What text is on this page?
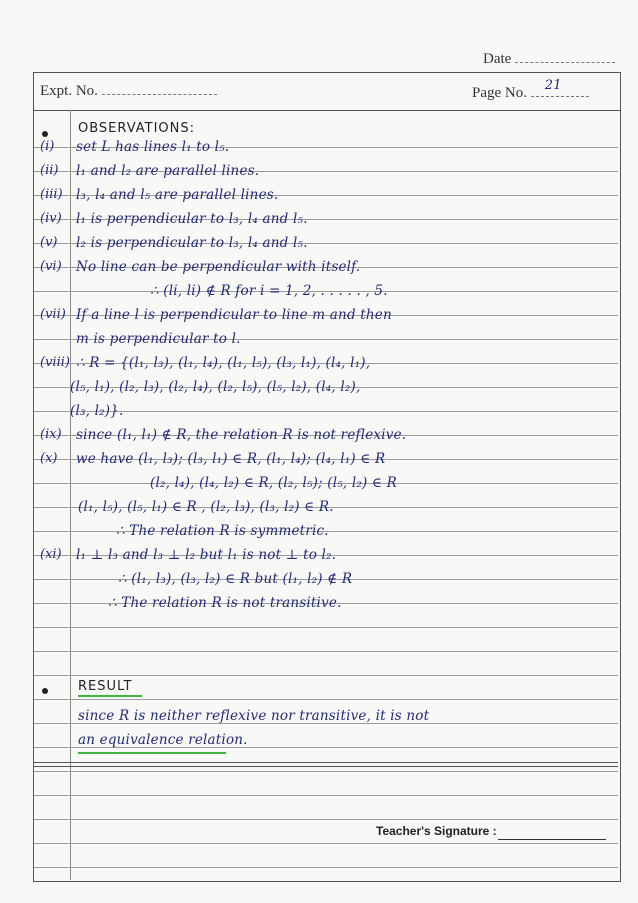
Date
Expt. No.	Page No. 21
OBSERVATIONS:
(i) set L has lines l₁ to l₅.
(ii) l₁ and l₂ are parallel lines.
(iii) l₃, l₄ and l₅ are parallel lines.
(iv) l₁ is perpendicular to l₃, l₄ and l₅.
(v) l₂ is perpendicular to l₃, l₄ and l₅.
(vi) No line can be perpendicular with itself.
∴ (li, li) ∉ R for i = 1, 2, . . . . . , 5.
(vii) If a line l is perpendicular to line m and then
m is perpendicular to l.
(viii) ∴ R = {(l₁, l₃), (l₁, l₄), (l₁, l₅), (l₃, l₁), (l₄, l₁),
(l₅, l₁), (l₂, l₃), (l₂, l₄), (l₂, l₅), (l₅, l₂), (l₄, l₂),
(l₃, l₂)}.
(ix) since (l₁, l₁) ∉ R, the relation R is not reflexive.
(x) we have (l₁, l₃); (l₃, l₁) ∈ R, (l₁, l₄); (l₄, l₁) ∈ R
(l₂, l₄), (l₄, l₂) ∈ R, (l₂, l₅); (l₅, l₂) ∈ R
(l₁, l₅), (l₅, l₁) ∈ R , (l₂, l₃), (l₃, l₂) ∈ R.
∴ The relation R is symmetric.
(xi) l₁ ⊥ l₃ and l₃ ⊥ l₂ but l₁ is not ⊥ to l₂.
∴ (l₁, l₃), (l₃, l₂) ∈ R but (l₁, l₂) ∉ R
∴ The relation R is not transitive.
RESULT
since R is neither reflexive nor transitive, it is not
an equivalence relation.
Teacher's Signature :
